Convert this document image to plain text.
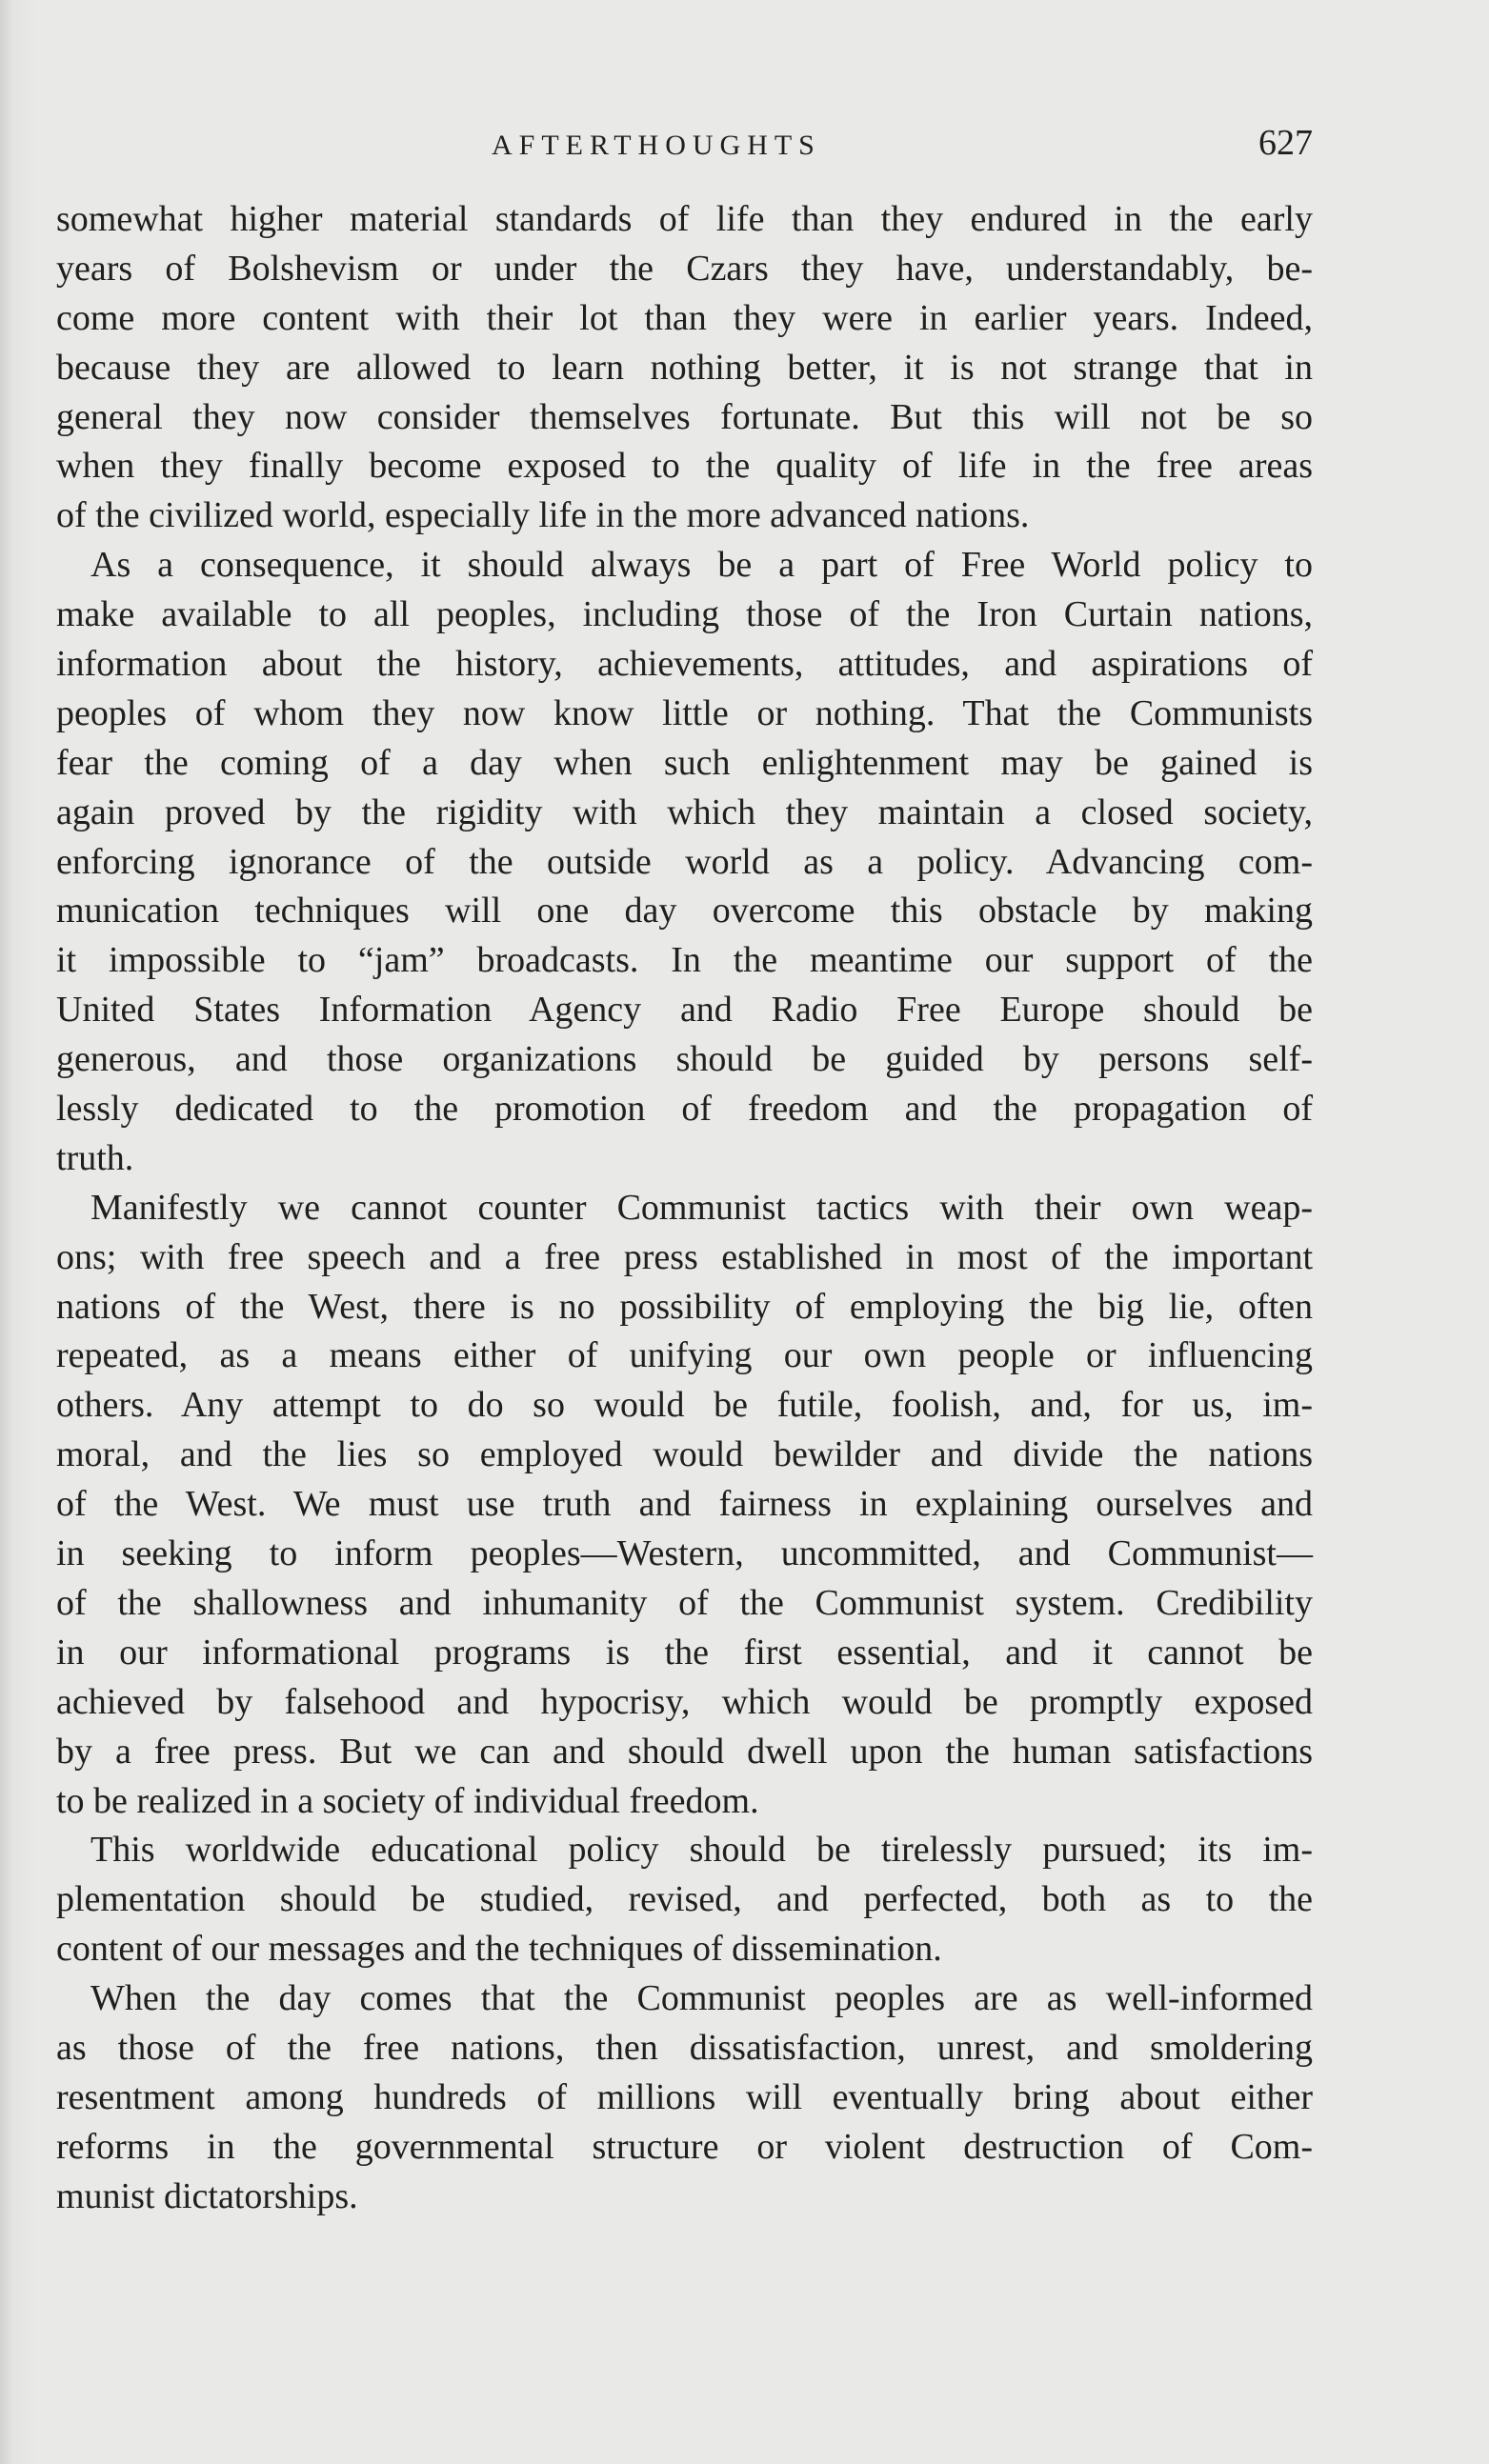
AFTERTHOUGHTS	627
somewhat higher material standards of life than they endured in the early
years of Bolshevism or under the Czars they have, understandably, be-
come more content with their lot than they were in earlier years. Indeed,
because they are allowed to learn nothing better, it is not strange that in
general they now consider themselves fortunate. But this will not be so
when they finally become exposed to the quality of life in the free areas
of the civilized world, especially life in the more advanced nations.
As a consequence, it should always be a part of Free World policy to
make available to all peoples, including those of the Iron Curtain nations,
information about the history, achievements, attitudes, and aspirations of
peoples of whom they now know little or nothing. That the Communists
fear the coming of a day when such enlightenment may be gained is
again proved by the rigidity with which they maintain a closed society,
enforcing ignorance of the outside world as a policy. Advancing com-
munication techniques will one day overcome this obstacle by making
it impossible to “jam” broadcasts. In the meantime our support of the
United States Information Agency and Radio Free Europe should be
generous, and those organizations should be guided by persons self-
lessly dedicated to the promotion of freedom and the propagation of
truth.
Manifestly we cannot counter Communist tactics with their own weap-
ons; with free speech and a free press established in most of the important
nations of the West, there is no possibility of employing the big lie, often
repeated, as a means either of unifying our own people or influencing
others. Any attempt to do so would be futile, foolish, and, for us, im-
moral, and the lies so employed would bewilder and divide the nations
of the West. We must use truth and fairness in explaining ourselves and
in seeking to inform peoples—Western, uncommitted, and Communist—
of the shallowness and inhumanity of the Communist system. Credibility
in our informational programs is the first essential, and it cannot be
achieved by falsehood and hypocrisy, which would be promptly exposed
by a free press. But we can and should dwell upon the human satisfactions
to be realized in a society of individual freedom.
This worldwide educational policy should be tirelessly pursued; its im-
plementation should be studied, revised, and perfected, both as to the
content of our messages and the techniques of dissemination.
When the day comes that the Communist peoples are as well-informed
as those of the free nations, then dissatisfaction, unrest, and smoldering
resentment among hundreds of millions will eventually bring about either
reforms in the governmental structure or violent destruction of Com-
munist dictatorships.
